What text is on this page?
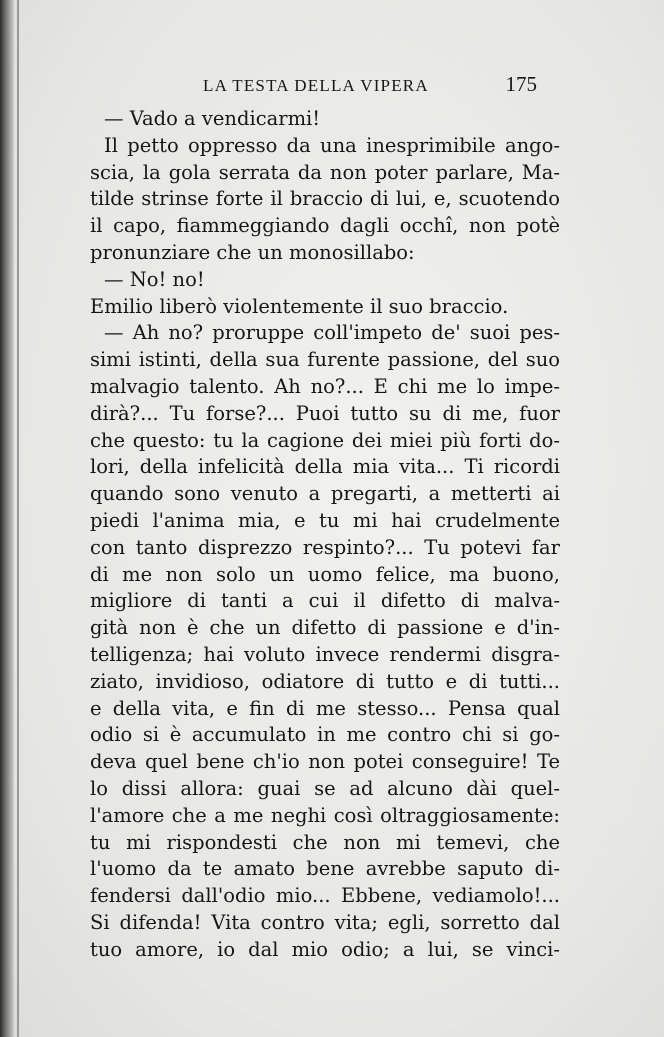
LA TESTA DELLA VIPERA	175
— Vado a vendicarmi!
Il petto oppresso da una inesprimibile ango-
scia, la gola serrata da non poter parlare, Ma-
tilde strinse forte il braccio di lui, e, scuotendo
il capo, fiammeggiando dagli occhî, non potè
pronunziare che un monosillabo:
— No! no!
Emilio liberò violentemente il suo braccio.
— Ah no? proruppe coll'impeto de' suoi pes-
simi istinti, della sua furente passione, del suo
malvagio talento. Ah no?... E chi me lo impe-
dirà?... Tu forse?... Puoi tutto su di me, fuor
che questo: tu la cagione dei miei più forti do-
lori, della infelicità della mia vita... Ti ricordi
quando sono venuto a pregarti, a metterti ai
piedi l'anima mia, e tu mi hai crudelmente
con tanto disprezzo respinto?... Tu potevi far
di me non solo un uomo felice, ma buono,
migliore di tanti a cui il difetto di malva-
gità non è che un difetto di passione e d'in-
telligenza; hai voluto invece rendermi disgra-
ziato, invidioso, odiatore di tutto e di tutti...
e della vita, e fin di me stesso... Pensa qual
odio si è accumulato in me contro chi si go-
deva quel bene ch'io non potei conseguire! Te
lo dissi allora: guai se ad alcuno dài quel-
l'amore che a me neghi così oltraggiosamente:
tu mi rispondesti che non mi temevi, che
l'uomo da te amato bene avrebbe saputo di-
fendersi dall'odio mio... Ebbene, vediamolo!...
Si difenda! Vita contro vita; egli, sorretto dal
tuo amore, io dal mio odio; a lui, se vinci-
